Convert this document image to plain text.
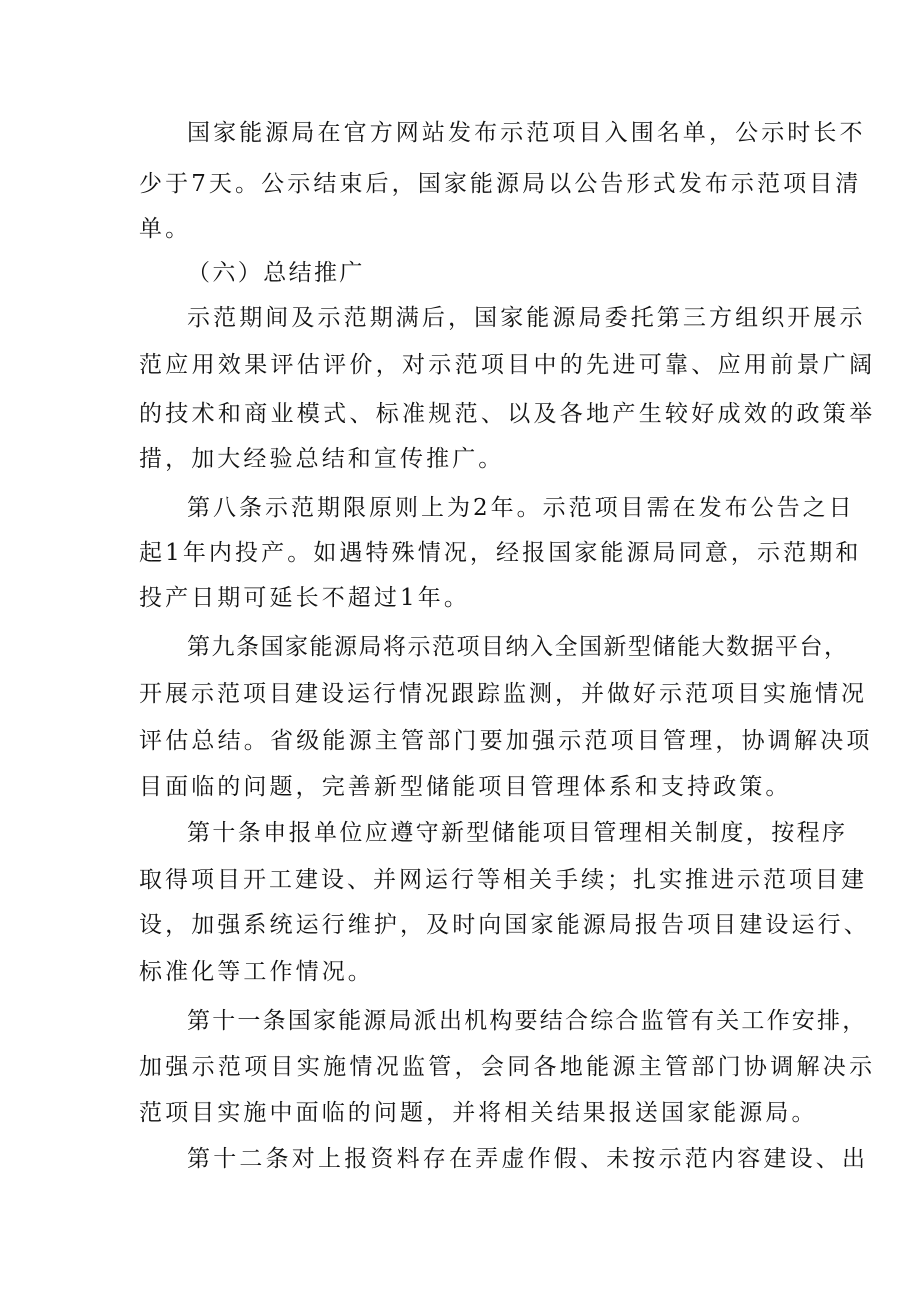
国家能源局在官方网站发布示范项目入围名单，公示时长不
少于7天。公示结束后，国家能源局以公告形式发布示范项目清
单。
（六）总结推广
示范期间及示范期满后，国家能源局委托第三方组织开展示
范应用效果评估评价，对示范项目中的先进可靠、应用前景广阔
的技术和商业模式、标准规范、以及各地产生较好成效的政策举
措，加大经验总结和宣传推广。
第八条示范期限原则上为2年。示范项目需在发布公告之日
起1年内投产。如遇特殊情况，经报国家能源局同意，示范期和
投产日期可延长不超过1年。
第九条国家能源局将示范项目纳入全国新型储能大数据平台，
开展示范项目建设运行情况跟踪监测，并做好示范项目实施情况
评估总结。省级能源主管部门要加强示范项目管理，协调解决项
目面临的问题，完善新型储能项目管理体系和支持政策。
第十条申报单位应遵守新型储能项目管理相关制度，按程序
取得项目开工建设、并网运行等相关手续；扎实推进示范项目建
设，加强系统运行维护，及时向国家能源局报告项目建设运行、
标准化等工作情况。
第十一条国家能源局派出机构要结合综合监管有关工作安排，
加强示范项目实施情况监管，会同各地能源主管部门协调解决示
范项目实施中面临的问题，并将相关结果报送国家能源局。
第十二条对上报资料存在弄虚作假、未按示范内容建设、出
